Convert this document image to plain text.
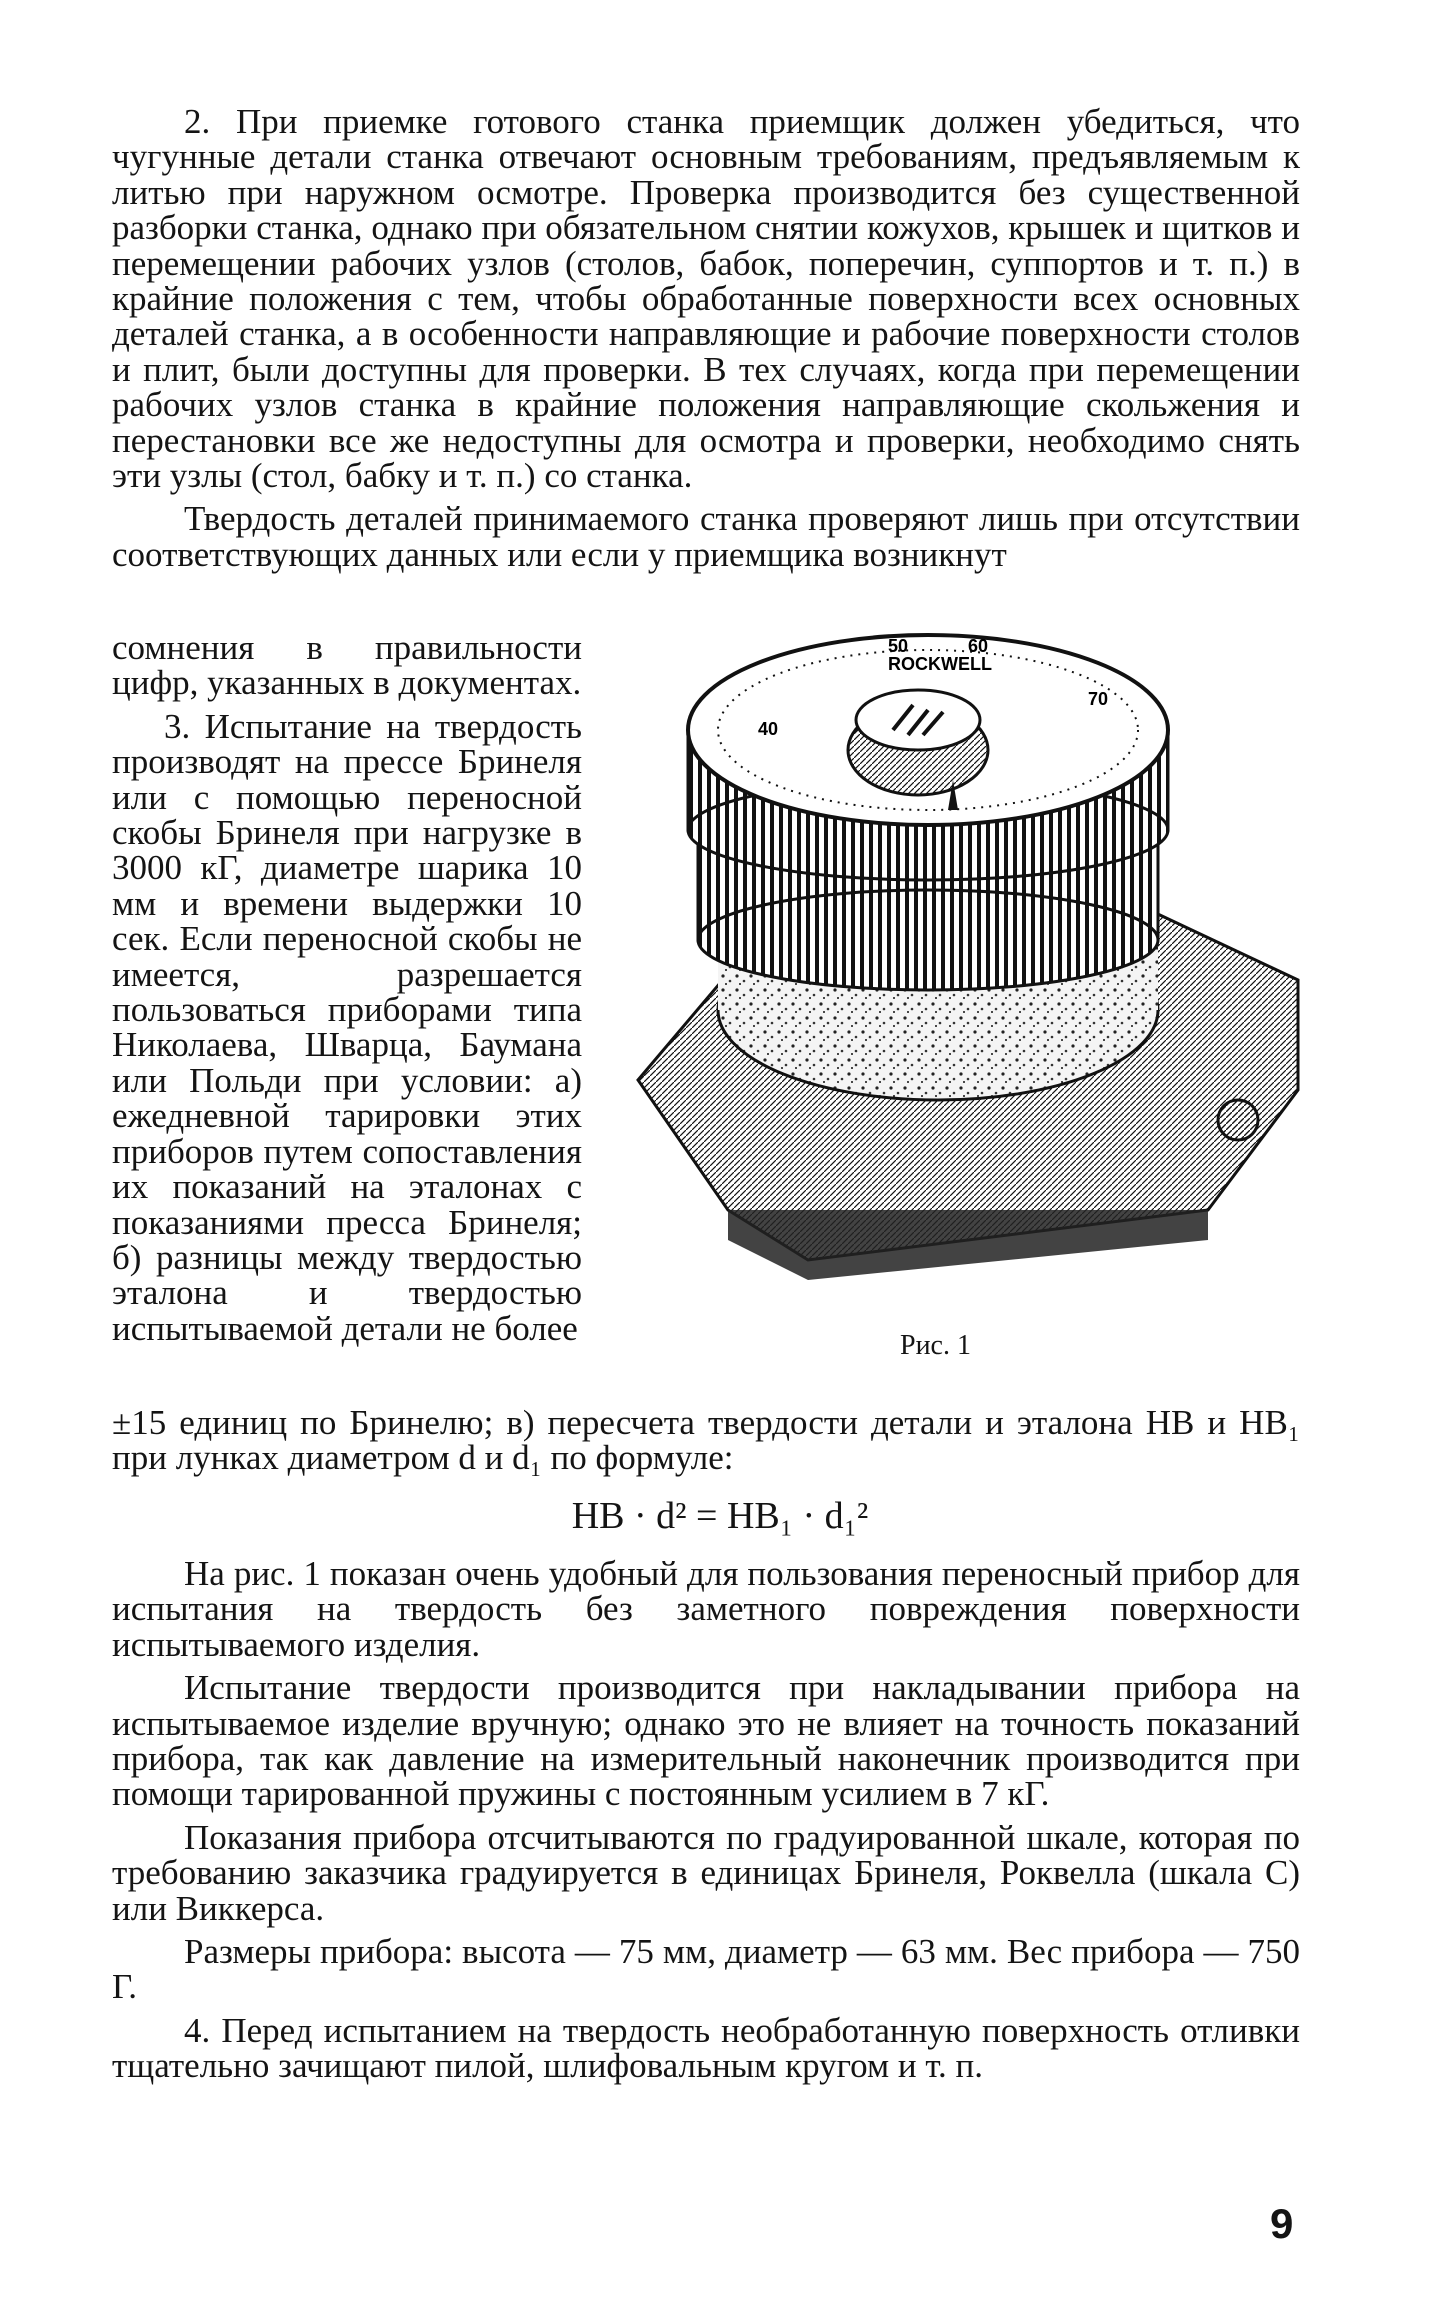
2. При приемке готового станка приемщик должен убедиться, что чугунные детали станка отвечают основным требованиям, предъявляемым к литью при наружном осмотре. Проверка производится без существенной разборки станка, однако при обязательном снятии кожухов, крышек и щитков и перемещении рабочих узлов (столов, бабок, поперечин, суппортов и т. п.) в крайние положения с тем, чтобы обработанные поверхности всех основных деталей станка, а в особенности направляющие и рабочие поверхности столов и плит, были доступны для проверки. В тех случаях, когда при перемещении рабочих узлов станка в крайние положения направляющие скольжения и перестановки все же недоступны для осмотра и проверки, необходимо снять эти узлы (стол, бабку и т. п.) со станка.

Твердость деталей принимаемого станка проверяют лишь при отсутствии соответствующих данных или если у приемщика возникнут

сомнения в правильности цифр, указанных в документах.

3. Испытание на твердость производят на прессе Бринеля или с помощью переносной скобы Бринеля при нагрузке в 3000 кГ, диаметре шарика 10 мм и времени выдержки 10 сек. Если переносной скобы не имеется, разрешается пользоваться приборами типа Николаева, Шварца, Баумана или Польди при условии: а) ежедневной тарировки этих приборов путем сопоставления их показаний на эталонах с показаниями пресса Бринеля; б) разницы между твердостью эталона и твердостью испытываемой детали не более

ROCKWELL
50	60
40
70
Рис. 1

±15 единиц по Бринелю; в) пересчета твердости детали и эталона НВ и НВ₁ при лунках диаметром d и d₁ по формуле:

HB · d² = HB₁ · d₁²

На рис. 1 показан очень удобный для пользования переносный прибор для испытания на твердость без заметного повреждения поверхности испытываемого изделия.

Испытание твердости производится при накладывании прибора на испытываемое изделие вручную; однако это не влияет на точность показаний прибора, так как давление на измерительный наконечник производится при помощи тарированной пружины с постоянным усилием в 7 кГ.

Показания прибора отсчитываются по градуированной шкале, которая по требованию заказчика градуируется в единицах Бринеля, Роквелла (шкала С) или Виккерса.

Размеры прибора: высота — 75 мм, диаметр — 63 мм. Вес прибора — 750 Г.

4. Перед испытанием на твердость необработанную поверхность отливки тщательно зачищают пилой, шлифовальным кругом и т. п.

9
